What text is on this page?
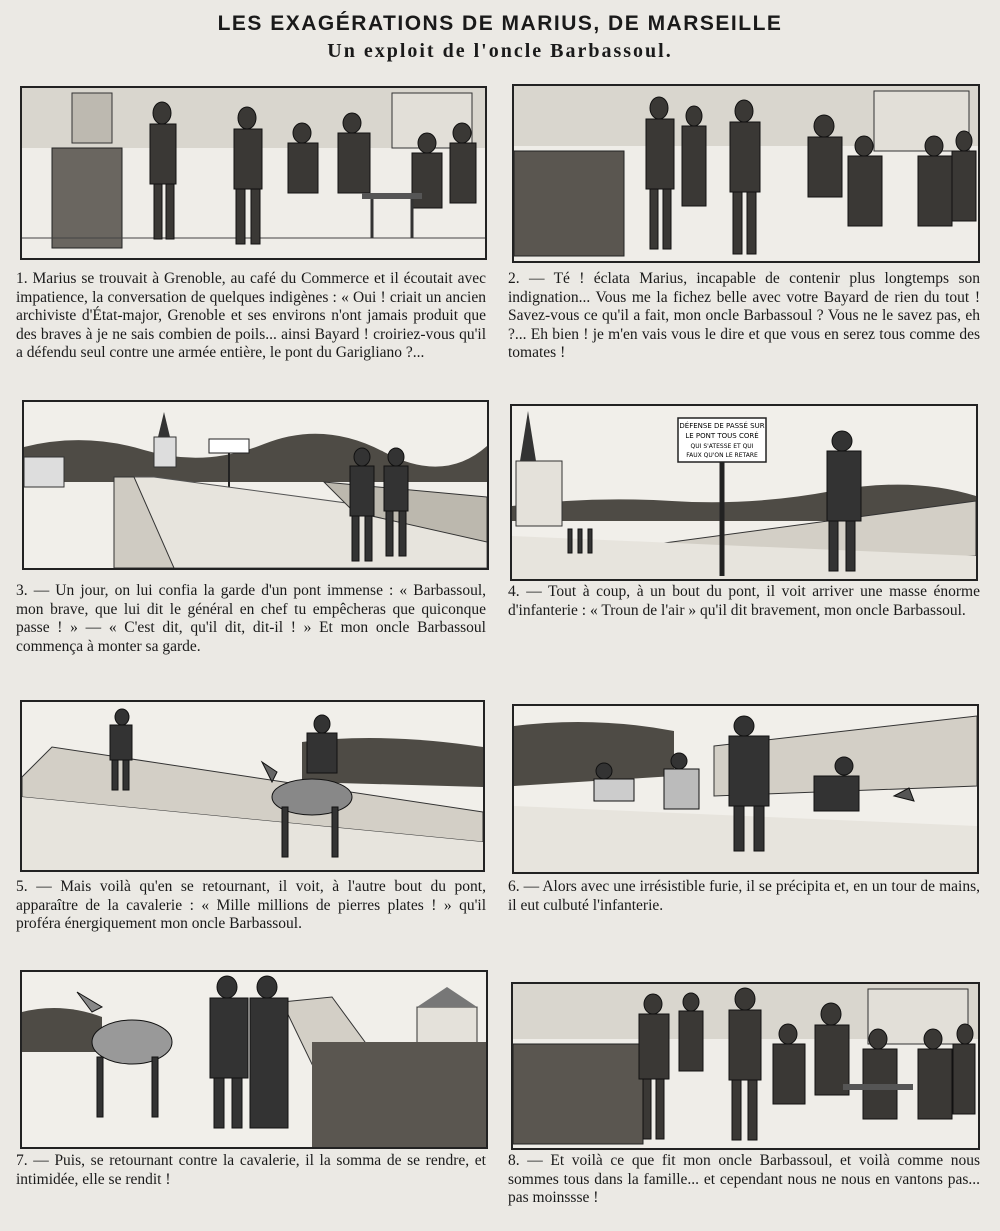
LES EXAGÉRATIONS DE MARIUS, DE MARSEILLE
Un exploit de l'oncle Barbassoul.
DÉFENSE DE PASSÉ SUR
LE PONT TOUS CORÉ
QUI S'ATESSE ET QUI
FAUX QU'ON LE RETARE
1. Marius se trouvait à Grenoble, au café du Commerce et il écoutait avec impatience, la conversation de quelques indigènes : « Oui ! criait un ancien archiviste d'État-major, Grenoble et ses environs n'ont jamais produit que des braves à je ne sais combien de poils... ainsi Bayard ! croiriez-vous qu'il a défendu seul contre une armée entière, le pont du Garigliano ?...
2. — Té ! éclata Marius, incapable de contenir plus longtemps son indignation... Vous me la fichez belle avec votre Bayard de rien du tout ! Savez-vous ce qu'il a fait, mon oncle Barbassoul ? Vous ne le savez pas, eh ?... Eh bien ! je m'en vais vous le dire et que vous en serez tous comme des tomates !
3. — Un jour, on lui confia la garde d'un pont immense : « Barbassoul, mon brave, que lui dit le général en chef tu empêcheras que quiconque passe ! » — « C'est dit, qu'il dit, dit-il ! » Et mon oncle Barbassoul commença à monter sa garde.
4. — Tout à coup, à un bout du pont, il voit arriver une masse énorme d'infanterie : « Troun de l'air » qu'il dit bravement, mon oncle Barbassoul.
5. — Mais voilà qu'en se retournant, il voit, à l'autre bout du pont, apparaître de la cavalerie : « Mille millions de pierres plates ! » qu'il proféra énergiquement mon oncle Barbassoul.
6. — Alors avec une irrésistible furie, il se précipita et, en un tour de mains, il eut culbuté l'infanterie.
7. — Puis, se retournant contre la cavalerie, il la somma de se rendre, et intimidée, elle se rendit !
8. — Et voilà ce que fit mon oncle Barbassoul, et voilà comme nous sommes tous dans la famille... et cependant nous ne nous en vantons pas... pas moinssse !
